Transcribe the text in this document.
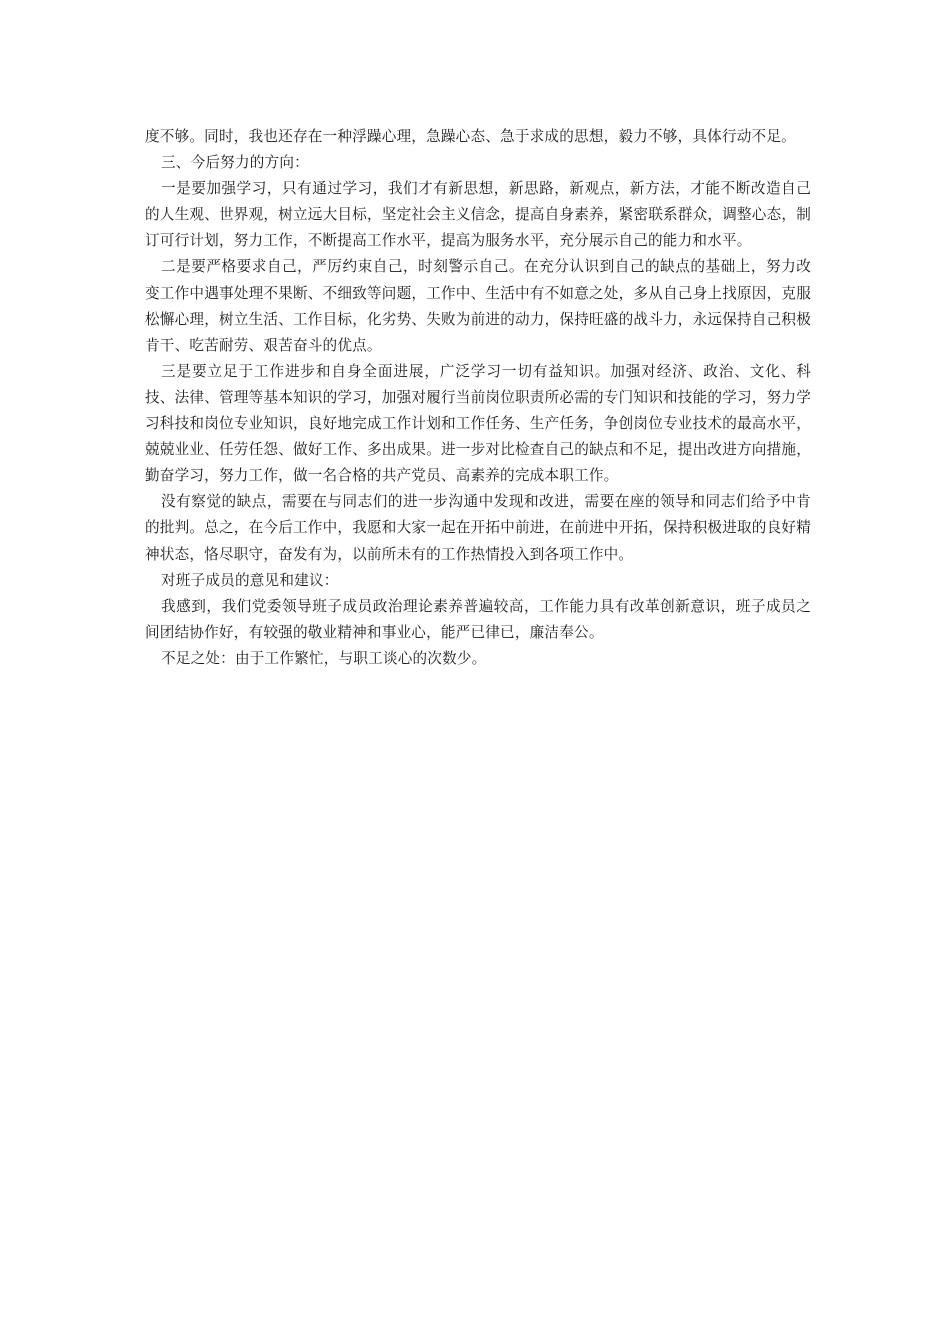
度不够。同时，我也还存在一种浮躁心理，急躁心态、急于求成的思想，毅力不够，具体行动不足。

三、今后努力的方向：

一是要加强学习，只有通过学习，我们才有新思想，新思路，新观点，新方法，才能不断改造自己的人生观、世界观，树立远大目标，坚定社会主义信念，提高自身素养，紧密联系群众，调整心态，制订可行计划，努力工作，不断提高工作水平，提高为服务水平，充分展示自己的能力和水平。

二是要严格要求自己，严厉约束自己，时刻警示自己。在充分认识到自己的缺点的基础上，努力改变工作中遇事处理不果断、不细致等问题，工作中、生活中有不如意之处，多从自己身上找原因，克服松懈心理，树立生活、工作目标，化劣势、失败为前进的动力，保持旺盛的战斗力，永远保持自己积极肯干、吃苦耐劳、艰苦奋斗的优点。

三是要立足于工作进步和自身全面进展，广泛学习一切有益知识。加强对经济、政治、文化、科技、法律、管理等基本知识的学习，加强对履行当前岗位职责所必需的专门知识和技能的学习，努力学习科技和岗位专业知识，良好地完成工作计划和工作任务、生产任务，争创岗位专业技术的最高水平，兢兢业业、任劳任怨、做好工作、多出成果。进一步对比检查自己的缺点和不足，提出改进方向措施，勤奋学习，努力工作，做一名合格的共产党员、高素养的完成本职工作。

没有察觉的缺点，需要在与同志们的进一步沟通中发现和改进，需要在座的领导和同志们给予中肯的批判。总之，在今后工作中，我愿和大家一起在开拓中前进，在前进中开拓，保持积极进取的良好精神状态，恪尽职守，奋发有为，以前所未有的工作热情投入到各项工作中。

对班子成员的意见和建议：

我感到，我们党委领导班子成员政治理论素养普遍较高，工作能力具有改革创新意识，班子成员之间团结协作好，有较强的敬业精神和事业心，能严已律已，廉洁奉公。

不足之处：由于工作繁忙，与职工谈心的次数少。
